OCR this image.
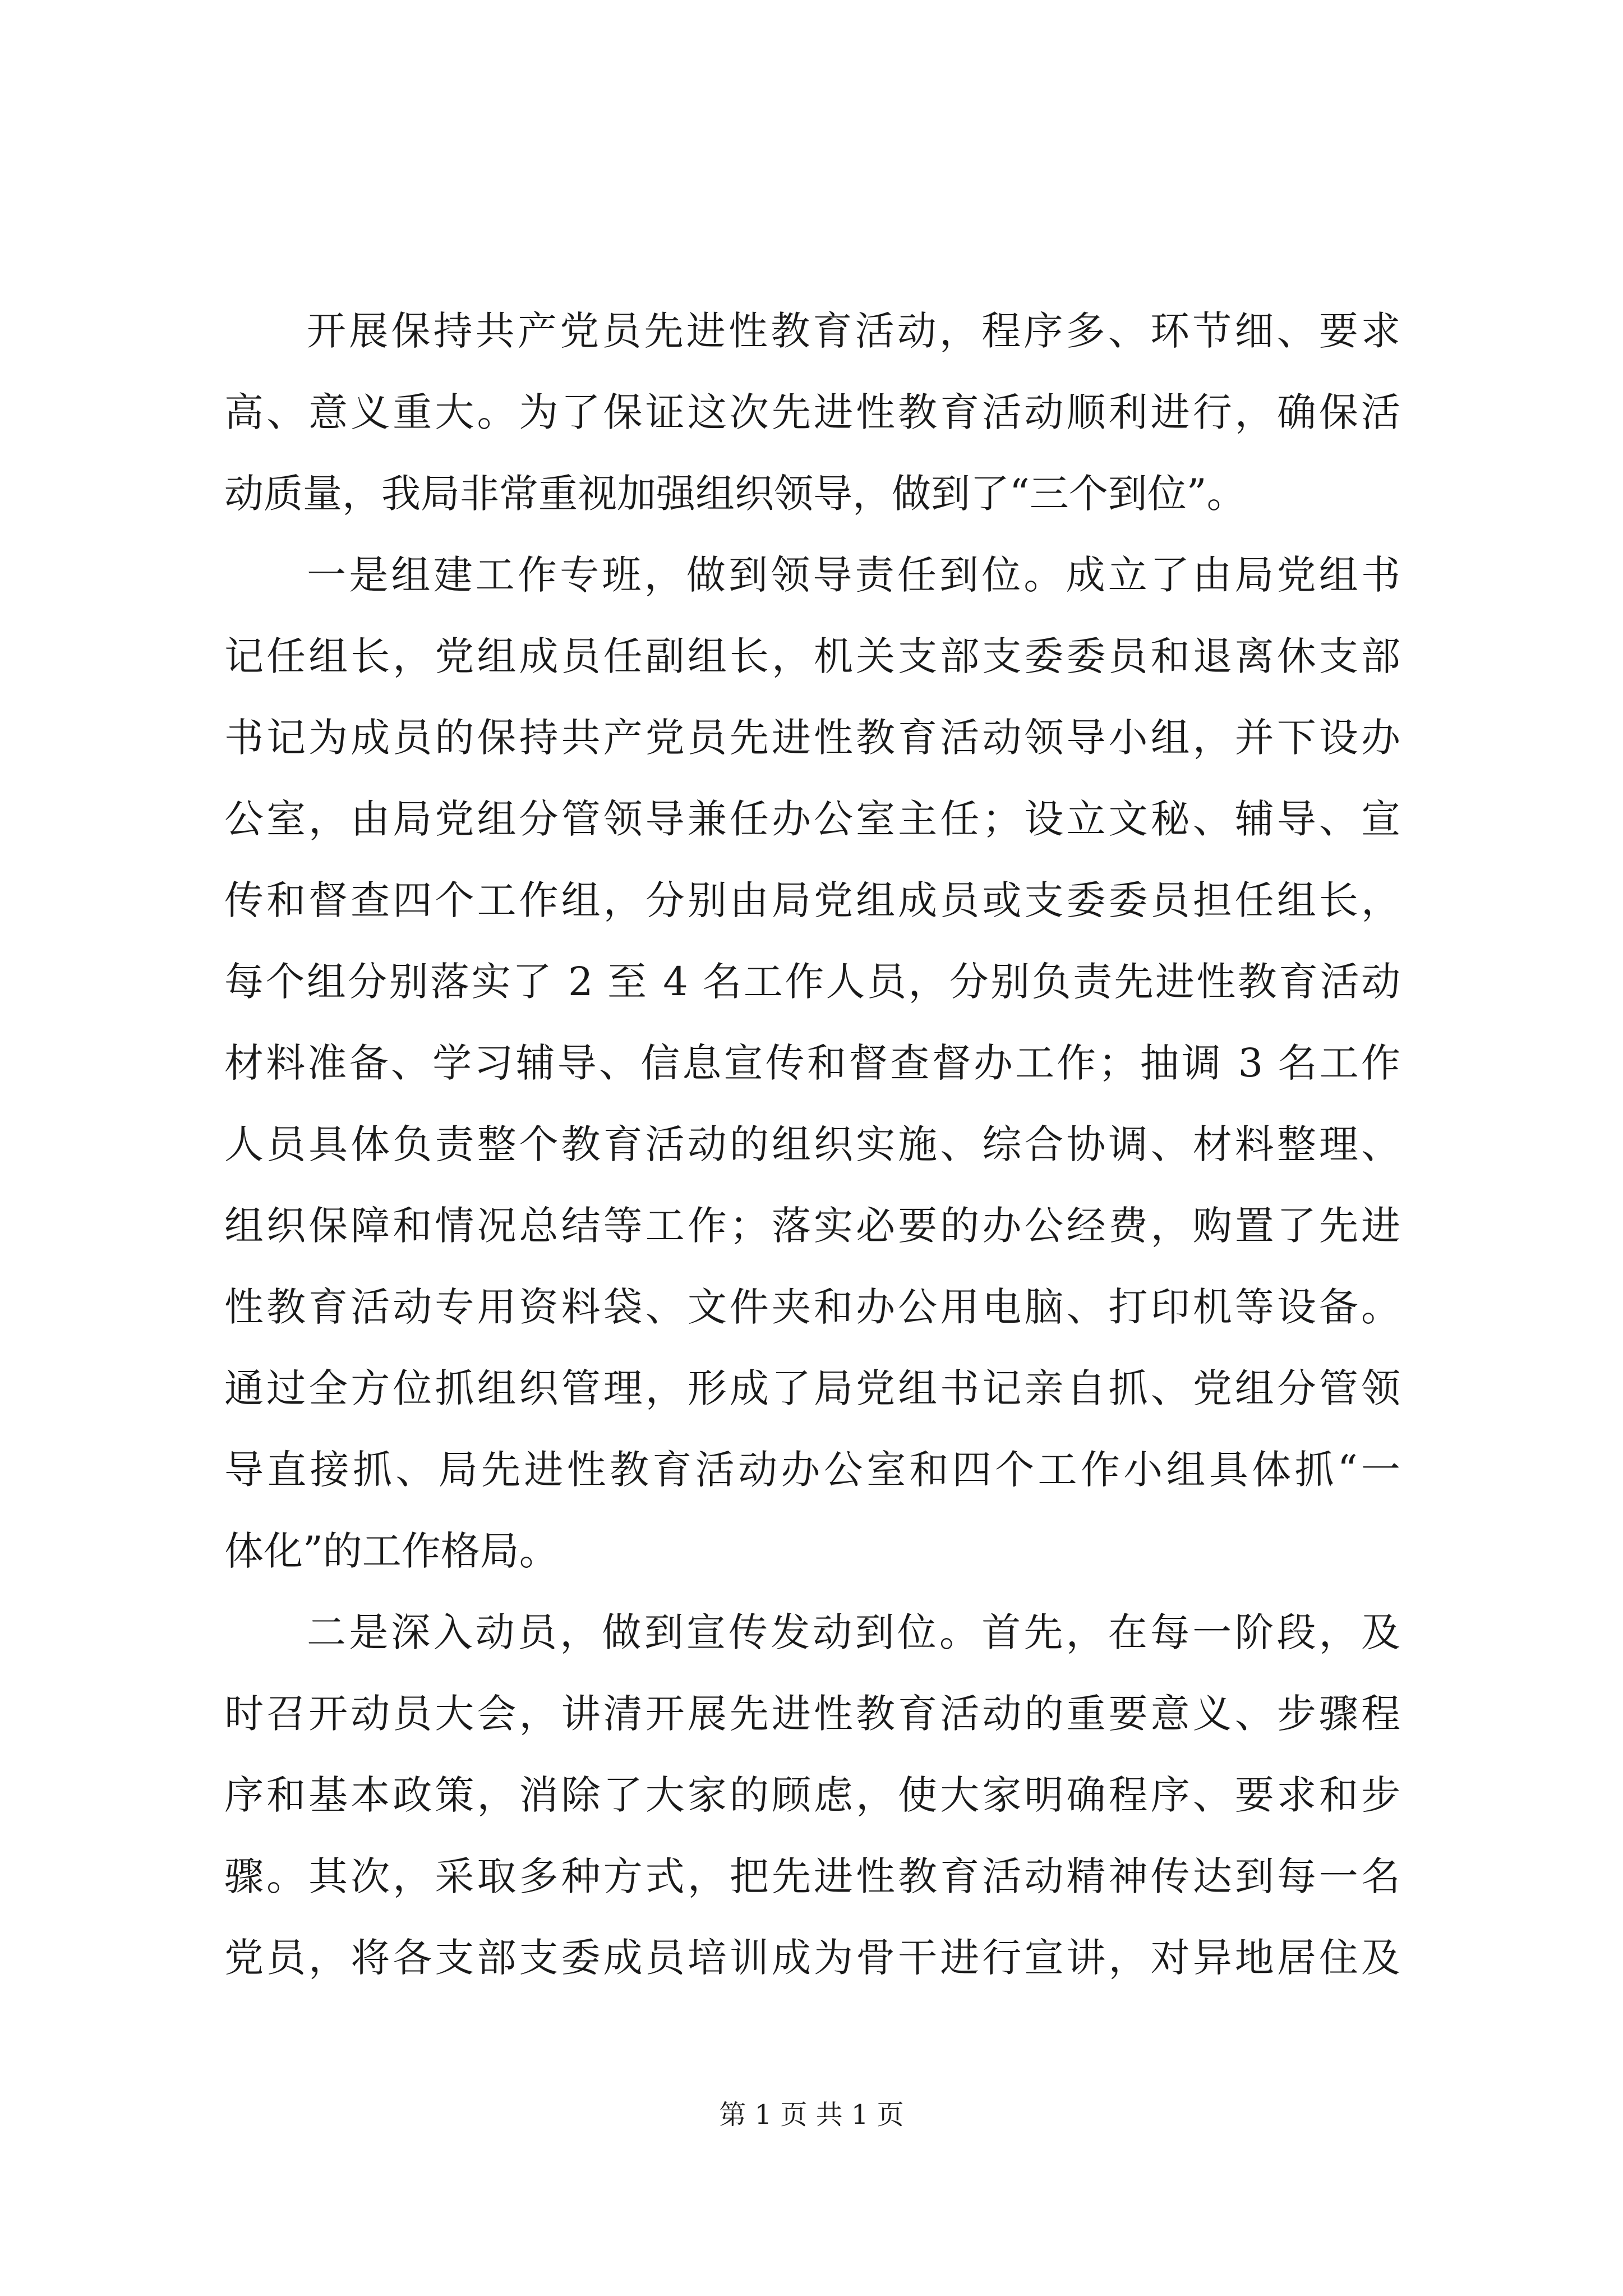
开展保持共产党员先进性教育活动，程序多、环节细、要求
高、意义重大。为了保证这次先进性教育活动顺利进行，确保活
动质量，我局非常重视加强组织领导，做到了“三个到位”。
一是组建工作专班，做到领导责任到位。成立了由局党组书
记任组长，党组成员任副组长，机关支部支委委员和退离休支部
书记为成员的保持共产党员先进性教育活动领导小组，并下设办
公室，由局党组分管领导兼任办公室主任；设立文秘、辅导、宣
传和督查四个工作组，分别由局党组成员或支委委员担任组长，
每个组分别落实了 2 至 4 名工作人员，分别负责先进性教育活动
材料准备、学习辅导、信息宣传和督查督办工作；抽调 3 名工作
人员具体负责整个教育活动的组织实施、综合协调、材料整理、
组织保障和情况总结等工作；落实必要的办公经费，购置了先进
性教育活动专用资料袋、文件夹和办公用电脑、打印机等设备。
通过全方位抓组织管理，形成了局党组书记亲自抓、党组分管领
导直接抓、局先进性教育活动办公室和四个工作小组具体抓“一
体化”的工作格局。
二是深入动员，做到宣传发动到位。首先，在每一阶段，及
时召开动员大会，讲清开展先进性教育活动的重要意义、步骤程
序和基本政策，消除了大家的顾虑，使大家明确程序、要求和步
骤。其次，采取多种方式，把先进性教育活动精神传达到每一名
党员，将各支部支委成员培训成为骨干进行宣讲，对异地居住及
第 1 页 共 1 页
